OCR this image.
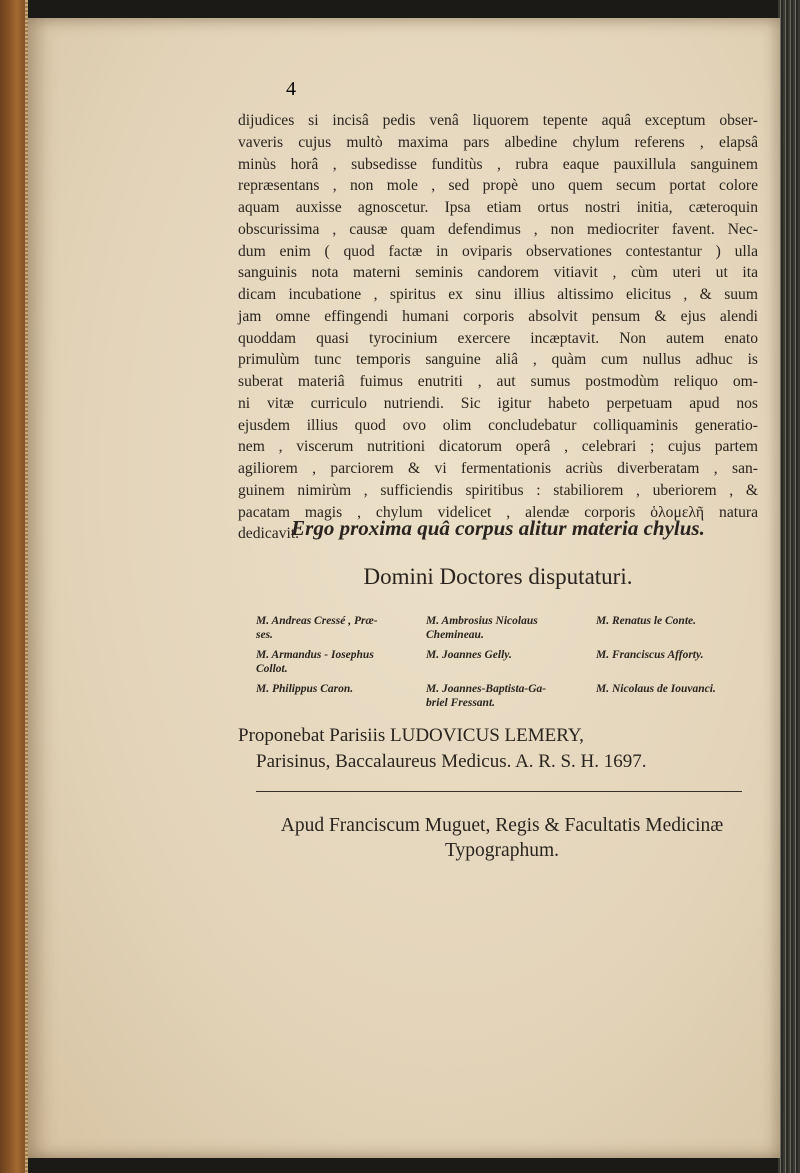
4
dijudices si incisâ pedis venâ liquorem tepente aquâ exceptum obser-
vaveris cujus multò maxima pars albedine chylum referens , elapsâ
minùs horâ , subsedisse funditùs , rubra eaque pauxillula sanguinem
repræsentans , non mole , sed propè uno quem secum portat colore
aquam auxisse agnoscetur. Ipsa etiam ortus nostri initia, cæteroquin
obscurissima , causæ quam defendimus , non mediocriter favent. Nec-
dum enim ( quod factæ in oviparis observationes contestantur ) ulla
sanguinis nota materni seminis candorem vitiavit , cùm uteri ut ita
dicam incubatione , spiritus ex sinu illius altissimo elicitus , & suum
jam omne effingendi humani corporis absolvit pensum & ejus alendi
quoddam quasi tyrocinium exercere incæptavit. Non autem enato
primulùm tunc temporis sanguine aliâ , quàm cum nullus adhuc is
suberat materiâ fuimus enutriti , aut sumus postmodùm reliquo om-
ni vitæ curriculo nutriendi. Sic igitur habeto perpetuam apud nos
ejusdem illius quod ovo olim concludebatur colliquaminis generatio-
nem , viscerum nutritioni dicatorum operâ , celebrari ; cujus partem
agiliorem , parciorem & vi fermentationis acriùs diverberatam , san-
guinem nimirùm , sufficiendis spiritibus : stabiliorem , uberiorem , &
pacatam magis , chylum videlicet , alendæ corporis ὁλομελῆ natura
dedicavit.
Ergo proxima quâ corpus alitur materia chylus.
Domini Doctores disputaturi.
M. Andreas Cressé , Præ-
ses.
M. Ambrosius Nicolaus
Chemineau.
M. Renatus le Conte.
M. Armandus - Iosephus
Collot.
M. Joannes Gelly.	M. Franciscus Afforty.
M. Philippus Caron.	M. Joannes-Baptista-Ga-
briel Fressant.
M. Nicolaus de Iouvanci.
Proponebat Parisiis LUDOVICUS LEMERY,
Parisinus, Baccalaureus Medicus. A. R. S. H. 1697.
Apud Franciscum Muguet, Regis & Facultatis Medicinæ
Typographum.
